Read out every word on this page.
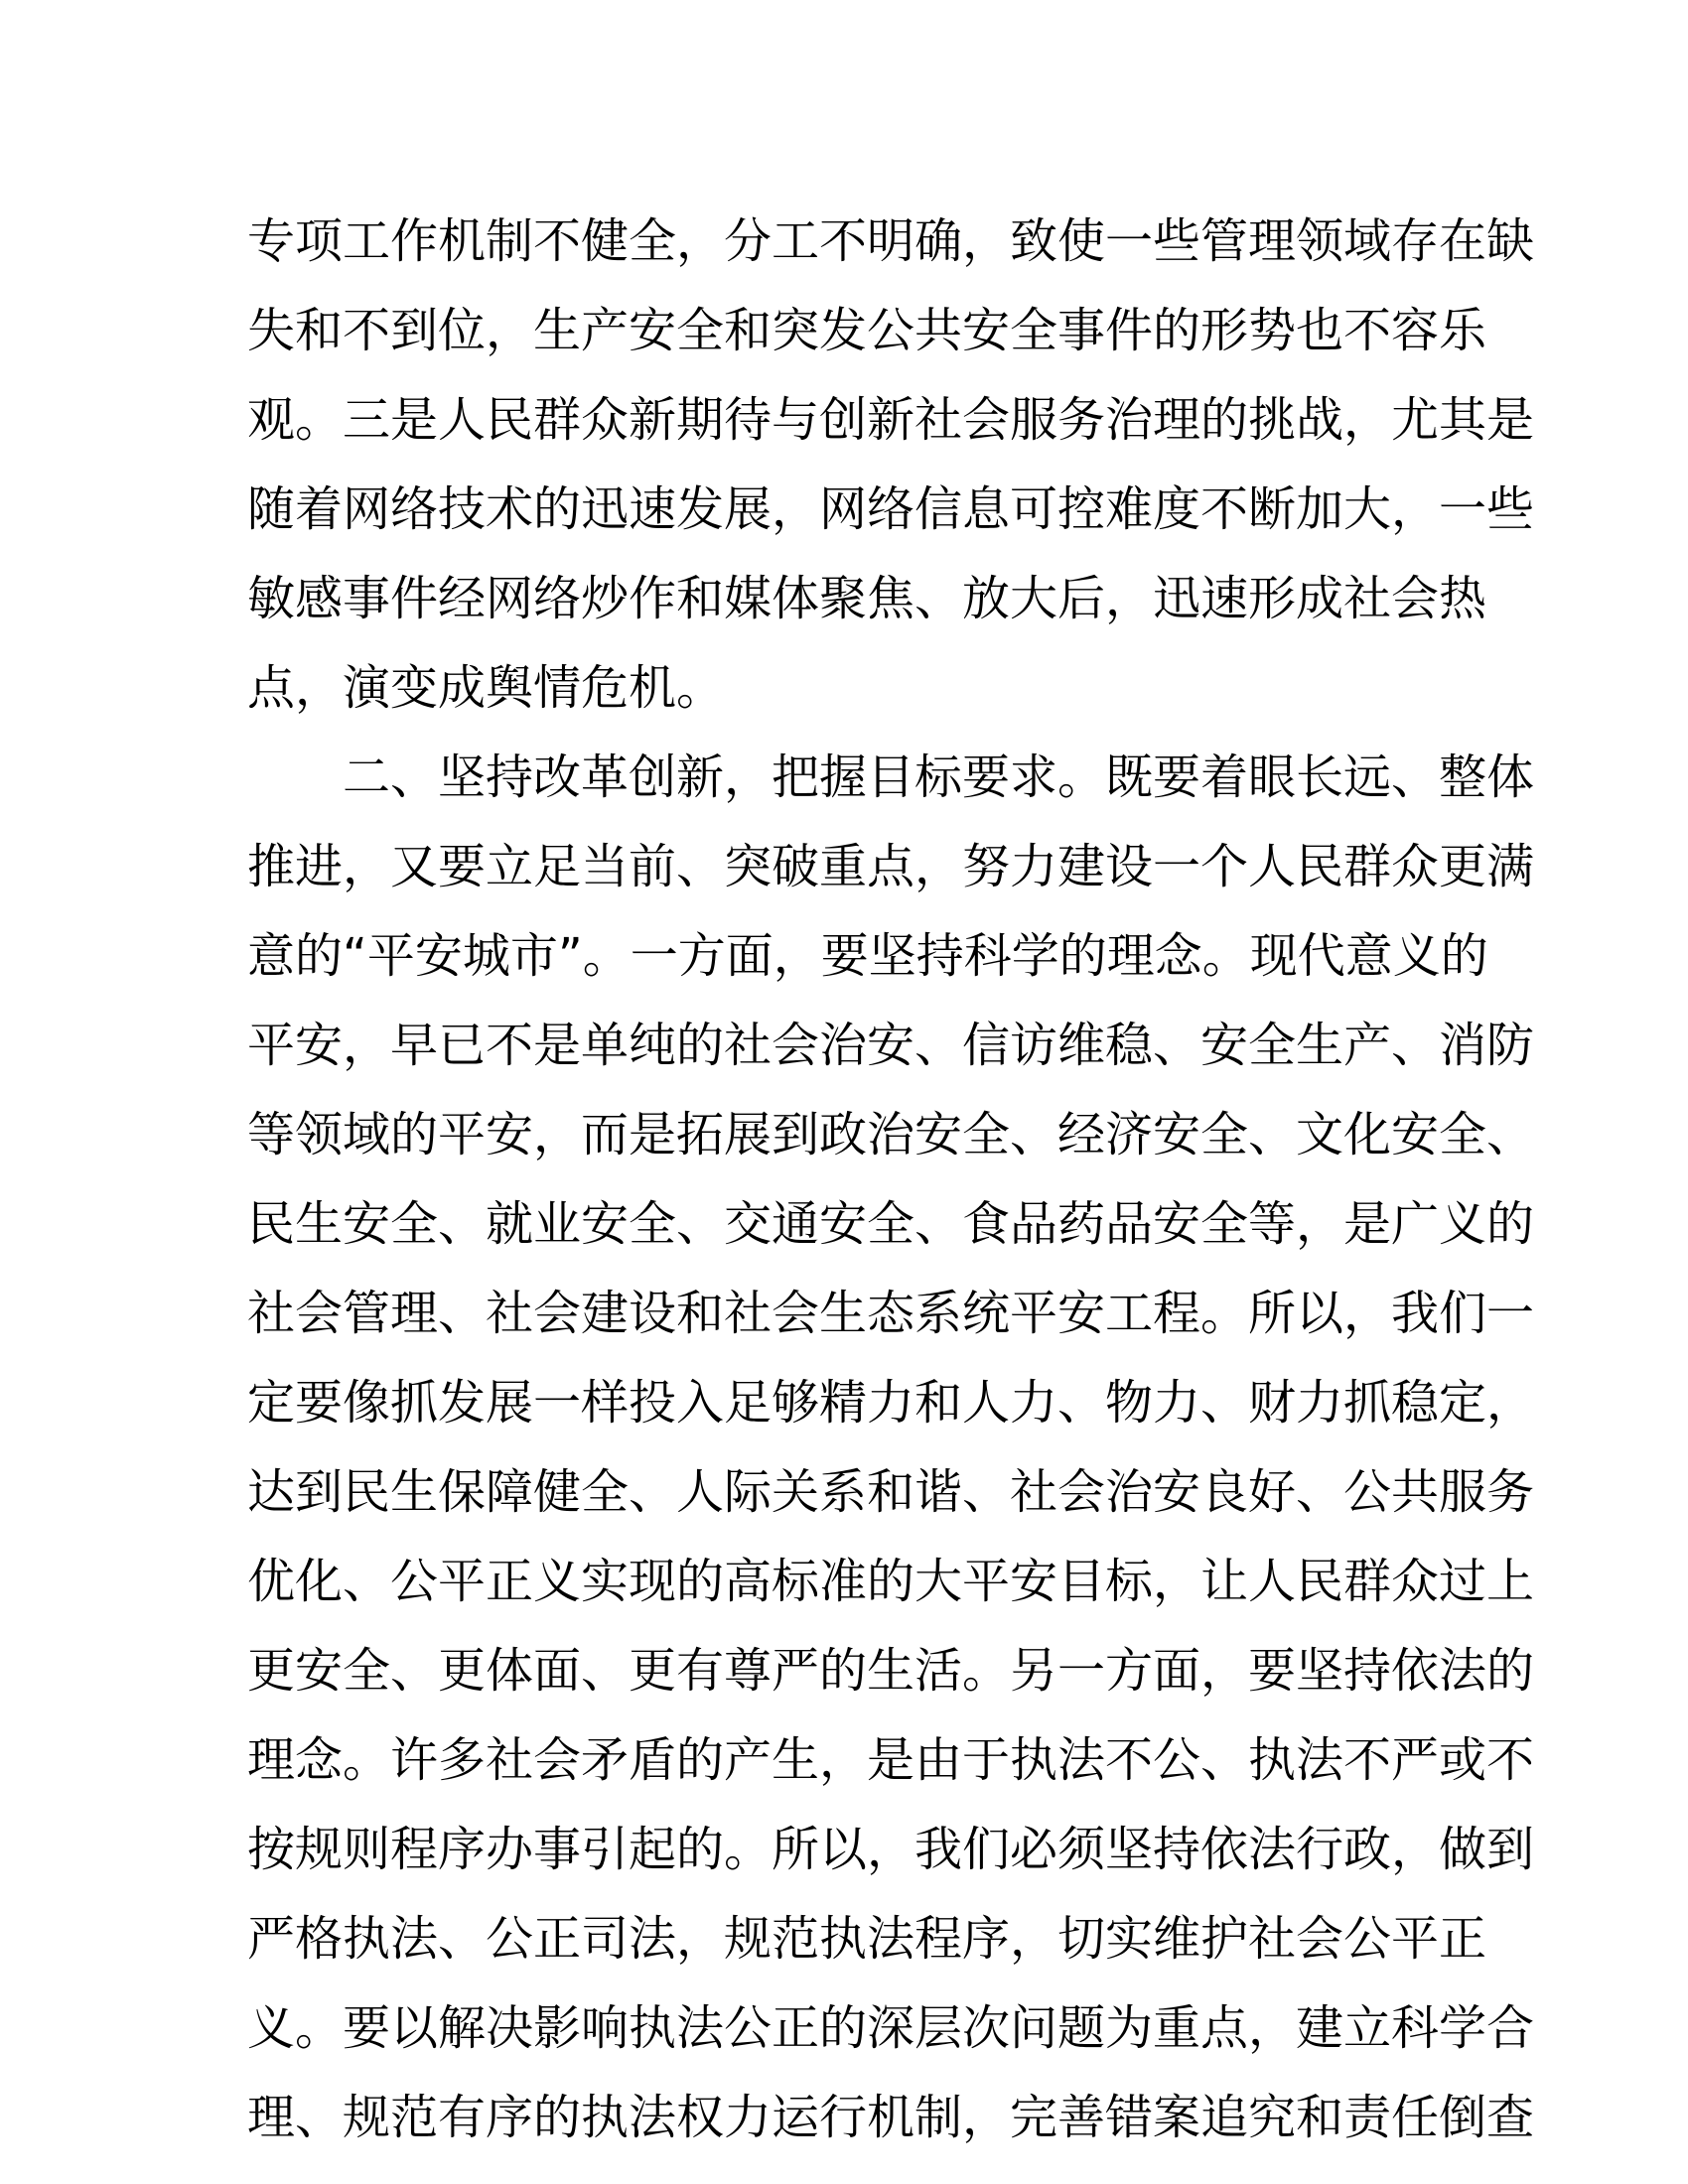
专项工作机制不健全，分工不明确，致使一些管理领域存在缺
失和不到位，生产安全和突发公共安全事件的形势也不容乐
观。三是人民群众新期待与创新社会服务治理的挑战，尤其是
随着网络技术的迅速发展，网络信息可控难度不断加大，一些
敏感事件经网络炒作和媒体聚焦、放大后，迅速形成社会热
点，演变成舆情危机。
二、坚持改革创新，把握目标要求。既要着眼长远、整体
推进，又要立足当前、突破重点，努力建设一个人民群众更满
意的“平安城市”。一方面，要坚持科学的理念。现代意义的
平安，早已不是单纯的社会治安、信访维稳、安全生产、消防
等领域的平安，而是拓展到政治安全、经济安全、文化安全、
民生安全、就业安全、交通安全、食品药品安全等，是广义的
社会管理、社会建设和社会生态系统平安工程。所以，我们一
定要像抓发展一样投入足够精力和人力、物力、财力抓稳定，
达到民生保障健全、人际关系和谐、社会治安良好、公共服务
优化、公平正义实现的高标准的大平安目标，让人民群众过上
更安全、更体面、更有尊严的生活。另一方面，要坚持依法的
理念。许多社会矛盾的产生，是由于执法不公、执法不严或不
按规则程序办事引起的。所以，我们必须坚持依法行政，做到
严格执法、公正司法，规范执法程序，切实维护社会公平正
义。要以解决影响执法公正的深层次问题为重点，建立科学合
理、规范有序的执法权力运行机制，完善错案追究和责任倒查
